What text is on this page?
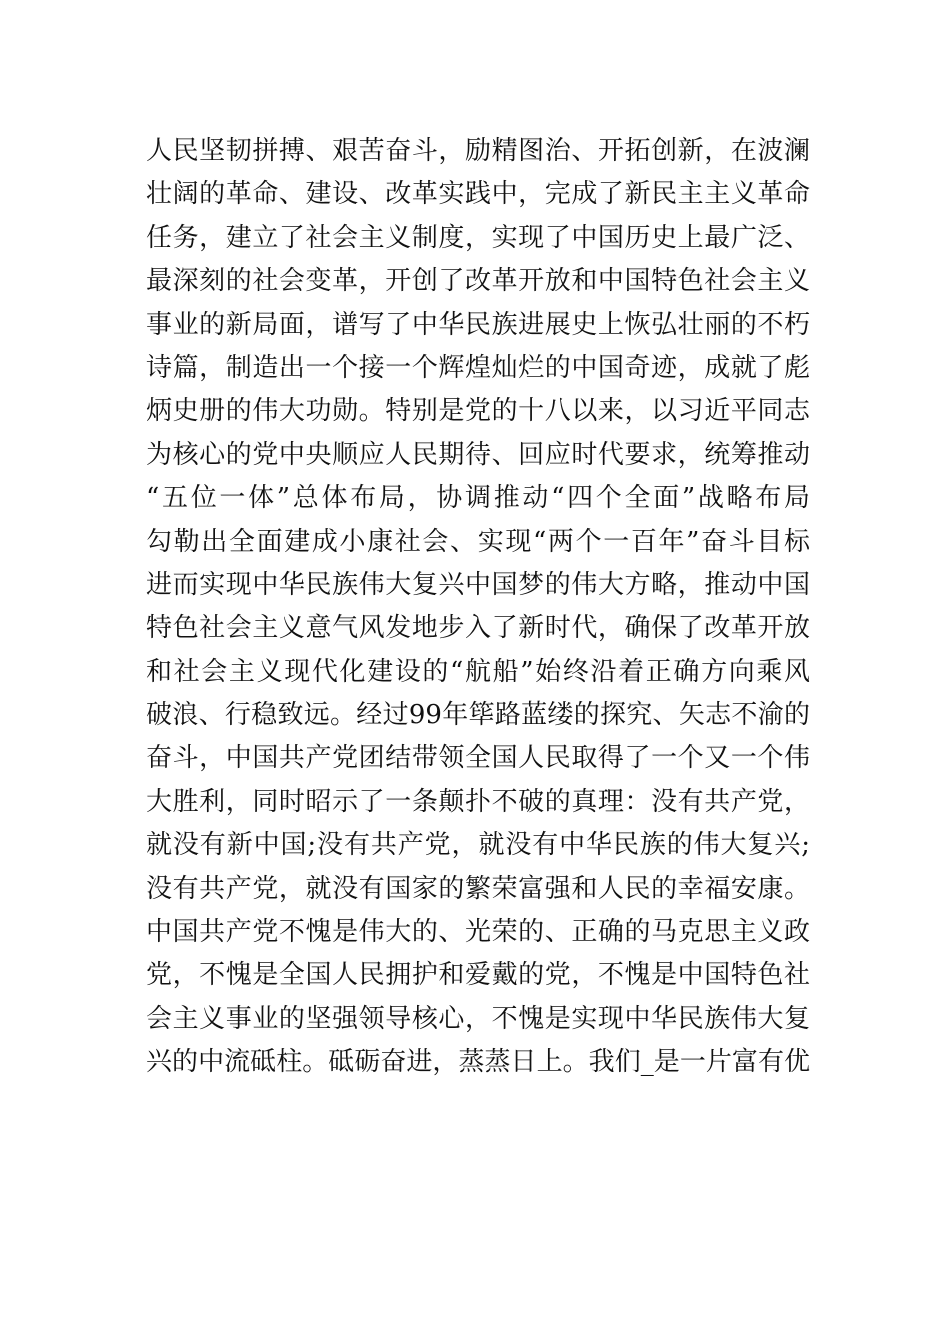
人民坚韧拼搏、艰苦奋斗，励精图治、开拓创新，在波澜
壮阔的革命、建设、改革实践中，完成了新民主主义革命
任务，建立了社会主义制度，实现了中国历史上最广泛、
最深刻的社会变革，开创了改革开放和中国特色社会主义
事业的新局面，谱写了中华民族进展史上恢弘壮丽的不朽
诗篇，制造出一个接一个辉煌灿烂的中国奇迹，成就了彪
炳史册的伟大功勋。特别是党的十八以来，以习近平同志
为核心的党中央顺应人民期待、回应时代要求，统筹推动
“五位一体”总体布局，协调推动“四个全面”战略布局
勾勒出全面建成小康社会、实现“两个一百年”奋斗目标
进而实现中华民族伟大复兴中国梦的伟大方略，推动中国
特色社会主义意气风发地步入了新时代，确保了改革开放
和社会主义现代化建设的“航船”始终沿着正确方向乘风
破浪、行稳致远。经过99年筚路蓝缕的探究、矢志不渝的
奋斗，中国共产党团结带领全国人民取得了一个又一个伟
大胜利，同时昭示了一条颠扑不破的真理：没有共产党，
就没有新中国;没有共产党，就没有中华民族的伟大复兴;
没有共产党，就没有国家的繁荣富强和人民的幸福安康。
中国共产党不愧是伟大的、光荣的、正确的马克思主义政
党，不愧是全国人民拥护和爱戴的党，不愧是中国特色社
会主义事业的坚强领导核心，不愧是实现中华民族伟大复
兴的中流砥柱。砥砺奋进，蒸蒸日上。我们_是一片富有优
